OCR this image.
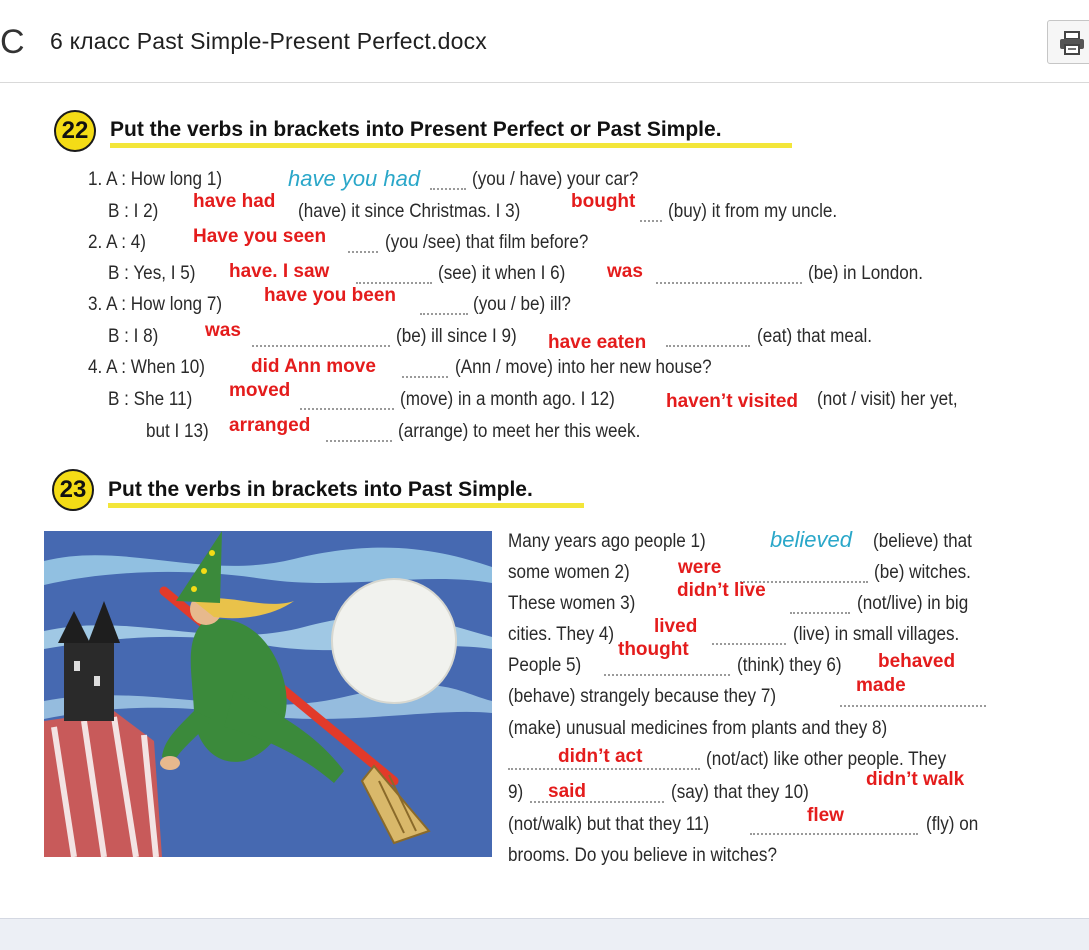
C 6 класс Past Simple-Present Perfect.docx
22	Put the verbs in brackets into Present Perfect or Past Simple.
1. A : How long 1)	have you had	(you / have) your car?
B : I 2) have had (have) it since Christmas. I 3)	bought (buy) it from my uncle.
2. A : 4) Have you seen	(you /see) that film before?
B : Yes, I 5) have. I saw	(see) it when I 6) was	(be) in London.
3. A : How long 7) have you been	(you / be) ill?
B : I 8) was	(be) ill since I 9) have eaten	(eat) that meal.
4. A : When 10) did Ann move	(Ann / move) into her new house?
B : She 11) moved	(move) in a month ago. I 12)	haven’t visited (not / visit) her yet,
but I 13) arranged	(arrange) to meet her this week.
23	Put the verbs in brackets into Past Simple.
Many years ago people 1)	believed (believe) that
some women 2)	were	(be) witches.
These women 3)
didn’t live
(not/live) in big
cities. They 4) lived	(live) in small villages.
People 5)
thought
(think) they 6) behaved
(behave) strangely because they 7)
made
(make) unusual medicines from plants and they 8)
didn’t act	(not/act) like other people. They
9) said	(say) that they 10)
didn’t walk
(not/walk) but that they 11)	flew	(fly) on
brooms. Do you believe in witches?
